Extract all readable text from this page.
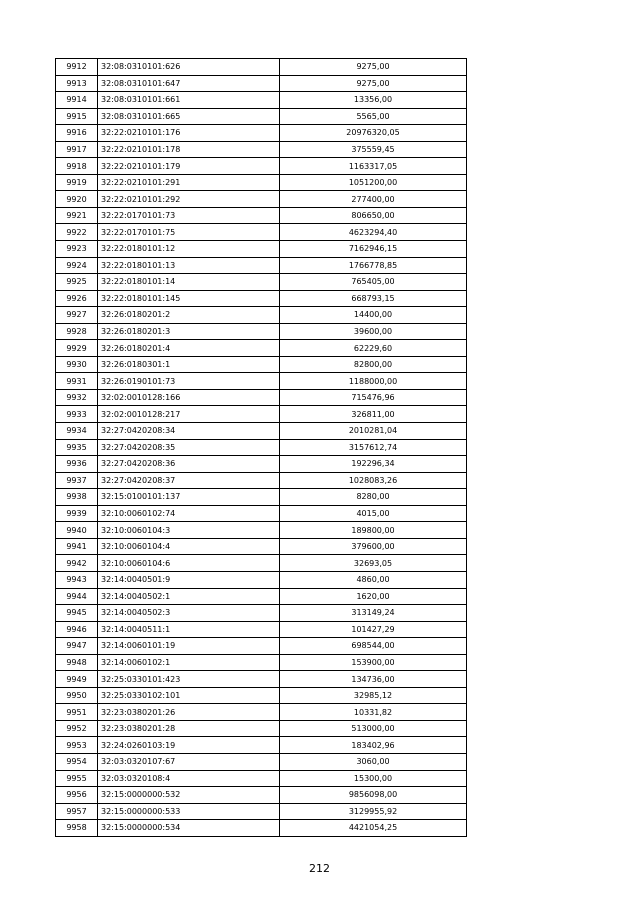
9912	32:08:0310101:626	9275,00
9913	32:08:0310101:647	9275,00
9914	32:08:0310101:661	13356,00
9915	32:08:0310101:665	5565,00
9916	32:22:0210101:176	20976320,05
9917	32:22:0210101:178	375559,45
9918	32:22:0210101:179	1163317,05
9919	32:22:0210101:291	1051200,00
9920	32:22:0210101:292	277400,00
9921	32:22:0170101:73	806650,00
9922	32:22:0170101:75	4623294,40
9923	32:22:0180101:12	7162946,15
9924	32:22:0180101:13	1766778,85
9925	32:22:0180101:14	765405,00
9926	32:22:0180101:145	668793,15
9927	32:26:0180201:2	14400,00
9928	32:26:0180201:3	39600,00
9929	32:26:0180201:4	62229,60
9930	32:26:0180301:1	82800,00
9931	32:26:0190101:73	1188000,00
9932	32:02:0010128:166	715476,96
9933	32:02:0010128:217	326811,00
9934	32:27:0420208:34	2010281,04
9935	32:27:0420208:35	3157612,74
9936	32:27:0420208:36	192296,34
9937	32:27:0420208:37	1028083,26
9938	32:15:0100101:137	8280,00
9939	32:10:0060102:74	4015,00
9940	32:10:0060104:3	189800,00
9941	32:10:0060104:4	379600,00
9942	32:10:0060104:6	32693,05
9943	32:14:0040501:9	4860,00
9944	32:14:0040502:1	1620,00
9945	32:14:0040502:3	313149,24
9946	32:14:0040511:1	101427,29
9947	32:14:0060101:19	698544,00
9948	32:14:0060102:1	153900,00
9949	32:25:0330101:423	134736,00
9950	32:25:0330102:101	32985,12
9951	32:23:0380201:26	10331,82
9952	32:23:0380201:28	513000,00
9953	32:24:0260103:19	183402,96
9954	32:03:0320107:67	3060,00
9955	32:03:0320108:4	15300,00
9956	32:15:0000000:532	9856098,00
9957	32:15:0000000:533	3129955,92
9958	32:15:0000000:534	4421054,25
212
